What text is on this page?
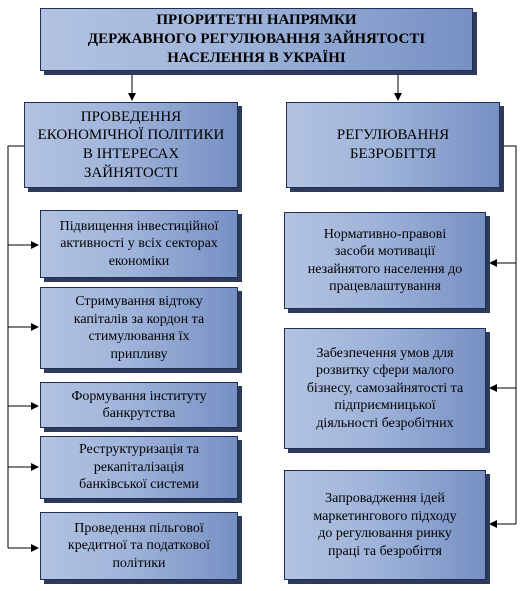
ПРІОРИТЕТНІ НАПРЯМКИ
ДЕРЖАВНОГО РЕГУЛЮВАННЯ ЗАЙНЯТОСТІ
НАСЕЛЕННЯ В УКРАЇНІ
ПРОВЕДЕННЯ
ЕКОНОМІЧНОЇ ПОЛІТИКИ
В ІНТЕРЕСАХ
ЗАЙНЯТОСТІ
РЕГУЛЮВАННЯ
БЕЗРОБІТТЯ
Підвищення інвестиційної
активності у всіх секторах
економіки
Стримування відтоку
капіталів за кордон та
стимулювання їх
припливу
Формування інституту
банкрутства
Реструктуризація та
рекапіталізація
банківської системи
Проведення пільгової
кредитної та податкової
політики
Нормативно-правові
засоби мотивації
незайнятого населення до
працевлаштування
Забезпечення умов для
розвитку сфери малого
бізнесу, самозайнятості та
підприємницької
діяльності безробітних
Запровадження ідей
маркетингового підходу
до регулювання ринку
праці та безробіття
